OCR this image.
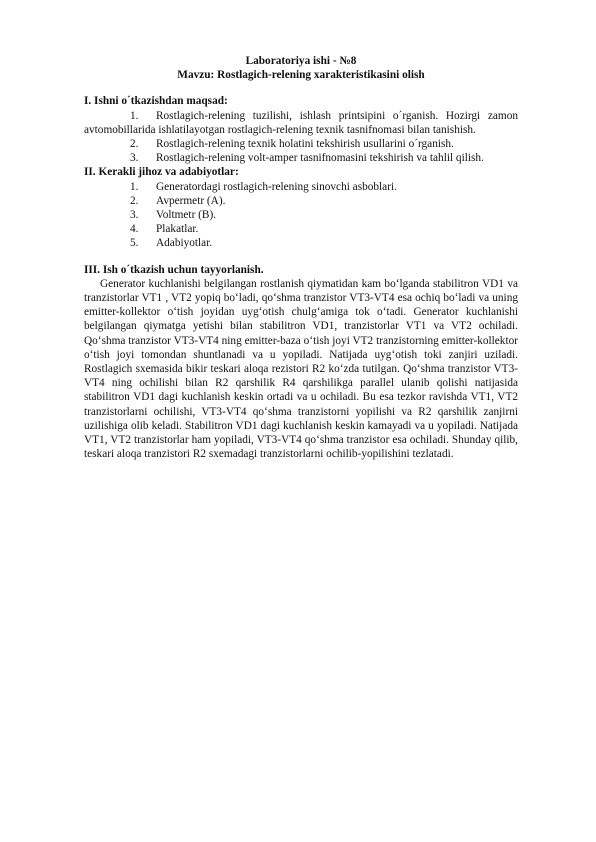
Laboratoriya ishi - №8

Mavzu: Rostlagich-relening xarakteristikasini olish

I. Ishni o´tkazishdan maqsad:

1. Rostlagich-relening tuzilishi, ishlash printsipini o´rganish. Hozirgi zamon avtomobillarida ishlatilayotgan rostlagich-relening texnik tasnifnomasi bilan tanishish.

2. Rostlagich-relening texnik holatini tekshirish usullarini o´rganish.

3. Rostlagich-relening volt-amper tasnifnomasini tekshirish va tahlil qilish.

II. Kerakli jihoz va adabiyotlar:

1. Generatordagi rostlagich-relening sinovchi asboblari.

2. Avpermetr (A).

3. Voltmetr (B).

4. Plakatlar.

5. Adabiyotlar.

III. Ish o´tkazish uchun tayyorlanish.

Generator kuchlanishi belgilangan rostlanish qiymatidan kam bo‘lganda stabilitron VD1 va tranzistorlar VT1 , VT2 yopiq bo‘ladi, qo‘shma tranzistor VT3-VT4 esa ochiq bo‘ladi va uning emitter-kollektor o‘tish joyidan uyg‘otish chulg‘amiga tok o‘tadi. Generator kuchlanishi belgilangan qiymatga yetishi bilan stabilitron VD1, tranzistorlar VT1 va VT2 ochiladi. Qo‘shma tranzistor VT3-VT4 ning emitter-baza o‘tish joyi VT2 tranzistorning emitter-kollektor o‘tish joyi tomondan shuntlanadi va u yopiladi. Natijada uyg‘otish toki zanjiri uziladi. Rostlagich sxemasida bikir teskari aloqa rezistori R2 ko‘zda tutilgan. Qo‘shma tranzistor VT3-VT4 ning ochilishi bilan R2 qarshilik R4 qarshilikga parallel ulanib qolishi natijasida stabilitron VD1 dagi kuchlanish keskin ortadi va u ochiladi. Bu esa tezkor ravishda VT1, VT2 tranzistorlarni ochilishi, VT3-VT4 qo‘shma tranzistorni yopilishi va R2 qarshilik zanjirni uzilishiga olib keladi. Stabilitron VD1 dagi kuchlanish keskin kamayadi va u yopiladi. Natijada VT1, VT2 tranzistorlar ham yopiladi, VT3-VT4 qo‘shma tranzistor esa ochiladi. Shunday qilib, teskari aloqa tranzistori R2 sxemadagi tranzistorlarni ochilib-yopilishini tezlatadi.
